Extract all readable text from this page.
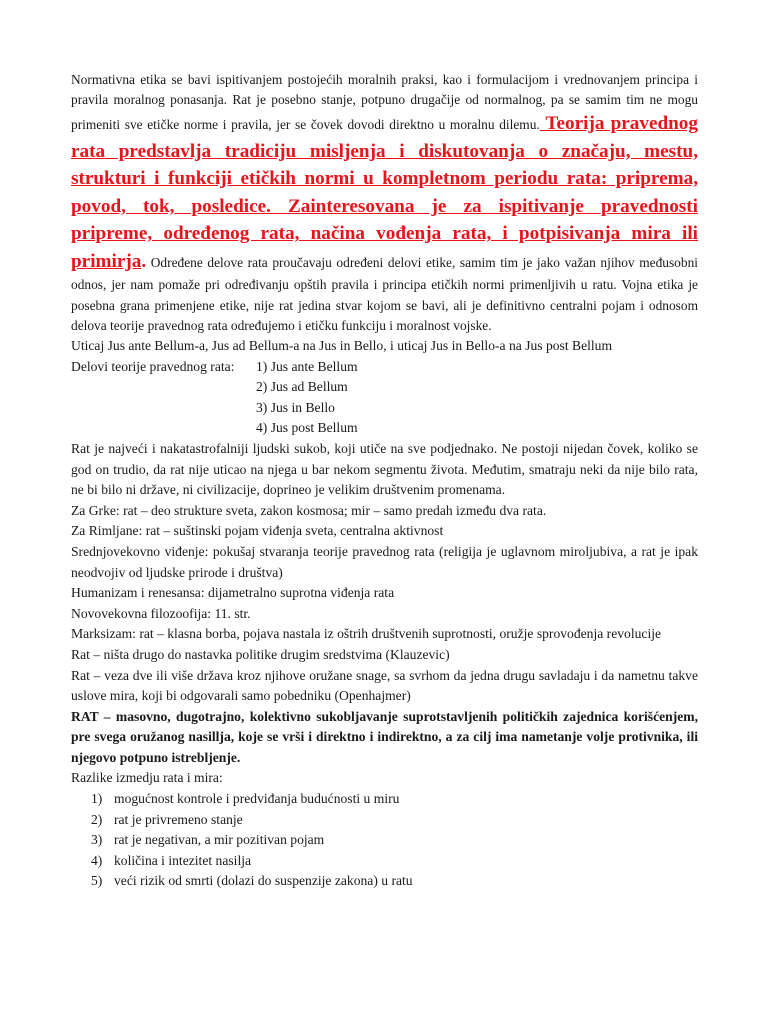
Normativna etika se bavi ispitivanjem postojećih moralnih praksi, kao i formulacijom i vrednovanjem principa i pravila moralnog ponasanja. Rat je posebno stanje, potpuno drugačije od normalnog, pa se samim tim ne mogu primeniti sve etičke norme i pravila, jer se čovek dovodi direktno u moralnu dilemu. Teorija pravednog rata predstavlja tradiciju misljenja i diskutovanja o značaju, mestu, strukturi i funkciji etičkih normi u kompletnom periodu rata: priprema, povod, tok, posledice. Zainteresovana je za ispitivanje pravednosti pripreme, određenog rata, načina vođenja rata, i potpisivanja mira ili primirja. Određene delove rata proučavaju određeni delovi etike, samim tim je jako važan njihov međusobni odnos, jer nam pomaže pri određivanju opštih pravila i principa etičkih normi primenljivih u ratu. Vojna etika je posebna grana primenjene etike, nije rat jedina stvar kojom se bavi, ali je definitivno centralni pojam i odnosom delova teorije pravednog rata određujemo i etičku funkciju i moralnost vojske.

Uticaj Jus ante Bellum-a, Jus ad Bellum-a na Jus in Bello, i uticaj Jus in Bello-a na Jus post Bellum

Delovi teorije pravednog rata: 1) Jus ante Bellum
2) Jus ad Bellum
3) Jus in Bello
4) Jus post Bellum

Rat je najveći i nakatastrofalniji ljudski sukob, koji utiče na sve podjednako. Ne postoji nijedan čovek, koliko se god on trudio, da rat nije uticao na njega u bar nekom segmentu života. Međutim, smatraju neki da nije bilo rata, ne bi bilo ni države, ni civilizacije, doprineo je velikim društvenim promenama.

Za Grke: rat – deo strukture sveta, zakon kosmosa; mir – samo predah između dva rata.

Za Rimljane: rat – suštinski pojam viđenja sveta, centralna aktivnost

Srednjovekovno viđenje: pokušaj stvaranja teorije pravednog rata (religija je uglavnom miroljubiva, a rat je ipak neodvojiv od ljudske prirode i društva)

Humanizam i renesansa: dijametralno suprotna viđenja rata

Novovekovna filozoofija: 11. str.

Marksizam: rat – klasna borba, pojava nastala iz oštrih društvenih suprotnosti, oružje sprovođenja revolucije

Rat – ništa drugo do nastavka politike drugim sredstvima (Klauzevic)

Rat – veza dve ili više država kroz njihove oružane snage, sa svrhom da jedna drugu savladaju i da nametnu takve uslove mira, koji bi odgovarali samo pobedniku (Openhajmer)

RAT – masovno, dugotrajno, kolektivno sukobljavanje suprotstavljenih političkih zajednica korišćenjem, pre svega oružanog nasillja, koje se vrši i direktno i indirektno, a za cilj ima nametanje volje protivnika, ili njegovo potpuno istrebljenje.

Razlike izmedju rata i mira:

1) mogućnost kontrole i predviđanja budućnosti u miru
2) rat je privremeno stanje
3) rat je negativan, a mir pozitivan pojam
4) količina i intezitet nasilja
5) veći rizik od smrti (dolazi do suspenzije zakona) u ratu
